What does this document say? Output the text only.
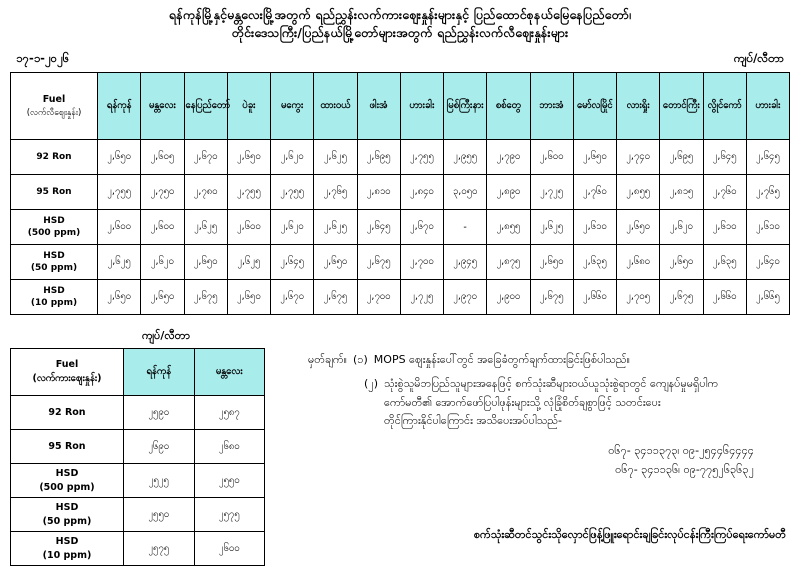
ရန်ကုန်မြို့နှင့်မန္တလေးမြို့အတွက် ရည်ညွှန်းလက်ကားဈေးနှုန်းများနှင့် ပြည်ထောင်စုနယ်မြေနေပြည်တော်၊
တိုင်းဒေသကြီး/ပြည်နယ်မြို့တော်များအတွက် ရည်ညွှန်းလက်လီဈေးနှုန်းများ
၁၇-၁-၂၀၂၆	ကျပ်/လီတာ
Fuel
(လက်လီဈေးနှုန်း)	ရန်ကုန်	မန္တလေး	နေပြည်တော်	ပဲခူး	မကွေး	ထားဝယ်	ဖါးအံ	ဟားခါး	မြစ်ကြီးနား	စစ်တွေ	ဘားအံ	မော်လမြိုင်	လားရှိုး	တောင်ကြီး	လွိုင်ကော်	ဟားခါး
92 Ron	၂,၆၅၀	၂,၆၀၅	၂,၆၇၀	၂,၆၅၀	၂,၆၂၀	၂,၆၂၅	၂,၆၉၅	၂,၇၅၅	၂,၉၅၅	၂,၇၉၀	၂,၆၀၀	၂,၆၅၀	၂,၇၄၀	၂,၆၉၅	၂,၆၄၅	၂,၆၄၅
95 Ron	၂,၇၅၅	၂,၇၅၀	၂,၇၈၀	၂,၇၅၅	၂,၇၅၅	၂,၇၆၅	၂,၈၁၀	၂,၈၄၀	၃,၀၅၀	၂,၈၉၀	၂,၇၂၅	၂,၇၆၀	၂,၈၅၅	၂,၈၁၅	၂,၇၆၀	၂,၇၆၅

HSD
(500 ppm)	၂,၆၀၀	၂,၆၀၀	၂,၆၂၅	၂,၆၀၀	၂,၆၂၀	၂,၆၂၅	၂,၆၄၅	၂,၆၇၀	-	၂,၈၅၅	၂,၆၂၅	၂,၆၁၀	၂,၆၅၀	၂,၆၂၀	၂,၆၁၀	၂,၆၁၀

HSD
(50 ppm)	၂,၆၂၅	၂,၆၂၀	၂,၆၅၀	၂,၆၂၅	၂,၆၄၅	၂,၆၅၀	၂,၆၇၅	၂,၇၀၀	၂,၉၄၅	၂,၈၇၅	၂,၆၅၀	၂,၆၃၅	၂,၆၈၀	၂,၆၅၀	၂,၆၃၅	၂,၆၄၀

HSD
(10 ppm)	၂,၆၅၀	၂,၆၅၀	၂,၆၇၅	၂,၆၅၀	၂,၆၇၀	၂,၆၇၅	၂,၇၀၀	၂,၇၂၅	၂,၉၇၀	၂,၉၀၀	၂,၆၇၅	၂,၆၆၀	၂,၇၀၅	၂,၆၇၅	၂,၆၆၀	၂,၆၆၅
ကျပ်/လီတာ
Fuel
(လက်ကားဈေးနှုန်း)	ရန်ကုန်	မန္တလေး
92 Ron	၂၅၉၀	၂၅၈၇
95 Ron	၂၆၉၀	၂၆၈၀

HSD
(500 ppm)	၂၅၂၅	၂၅၅၀

HSD
(50 ppm)	၂၅၅၀	၂၅၇၅

HSD
(10 ppm)	၂၅၇၅	၂၆၀၀
မှတ်ချက်။ (၁) MOPS ဈေးနှုန်းပေါ်တွင် အခြေခံတွက်ချက်ထားခြင်းဖြစ်ပါသည်။
(၂) သုံးစွဲသူမိဘပြည်သူများအနေဖြင့် စက်သုံးဆီများဝယ်ယူသုံးစွဲရာတွင် ကျေနပ်မှုမရှိပါက
ကော်မတီ၏ အောက်ဖော်ပြပါဖုန်းများသို့ လုံခြုံစိတ်ချစွာဖြင့် သတင်းပေး
တိုင်ကြားနိုင်ပါကြောင်း အသိပေးအပ်ပါသည်-
ဝ၆၇- ၃၄၁၁၃၇၃၊ ဝ၉-၂၅၄၄၆၄၄၄၄
ဝ၆၇- ၃၄၁၁၃၆၊ ဝ၉-၇၇၅၂၆၃၆၃၂
စက်သုံးဆီတင်သွင်းသိုလှောင်ဖြန့်ဖြူးရောင်းချခြင်းလုပ်ငန်းကြီးကြပ်ရေးကော်မတီ
